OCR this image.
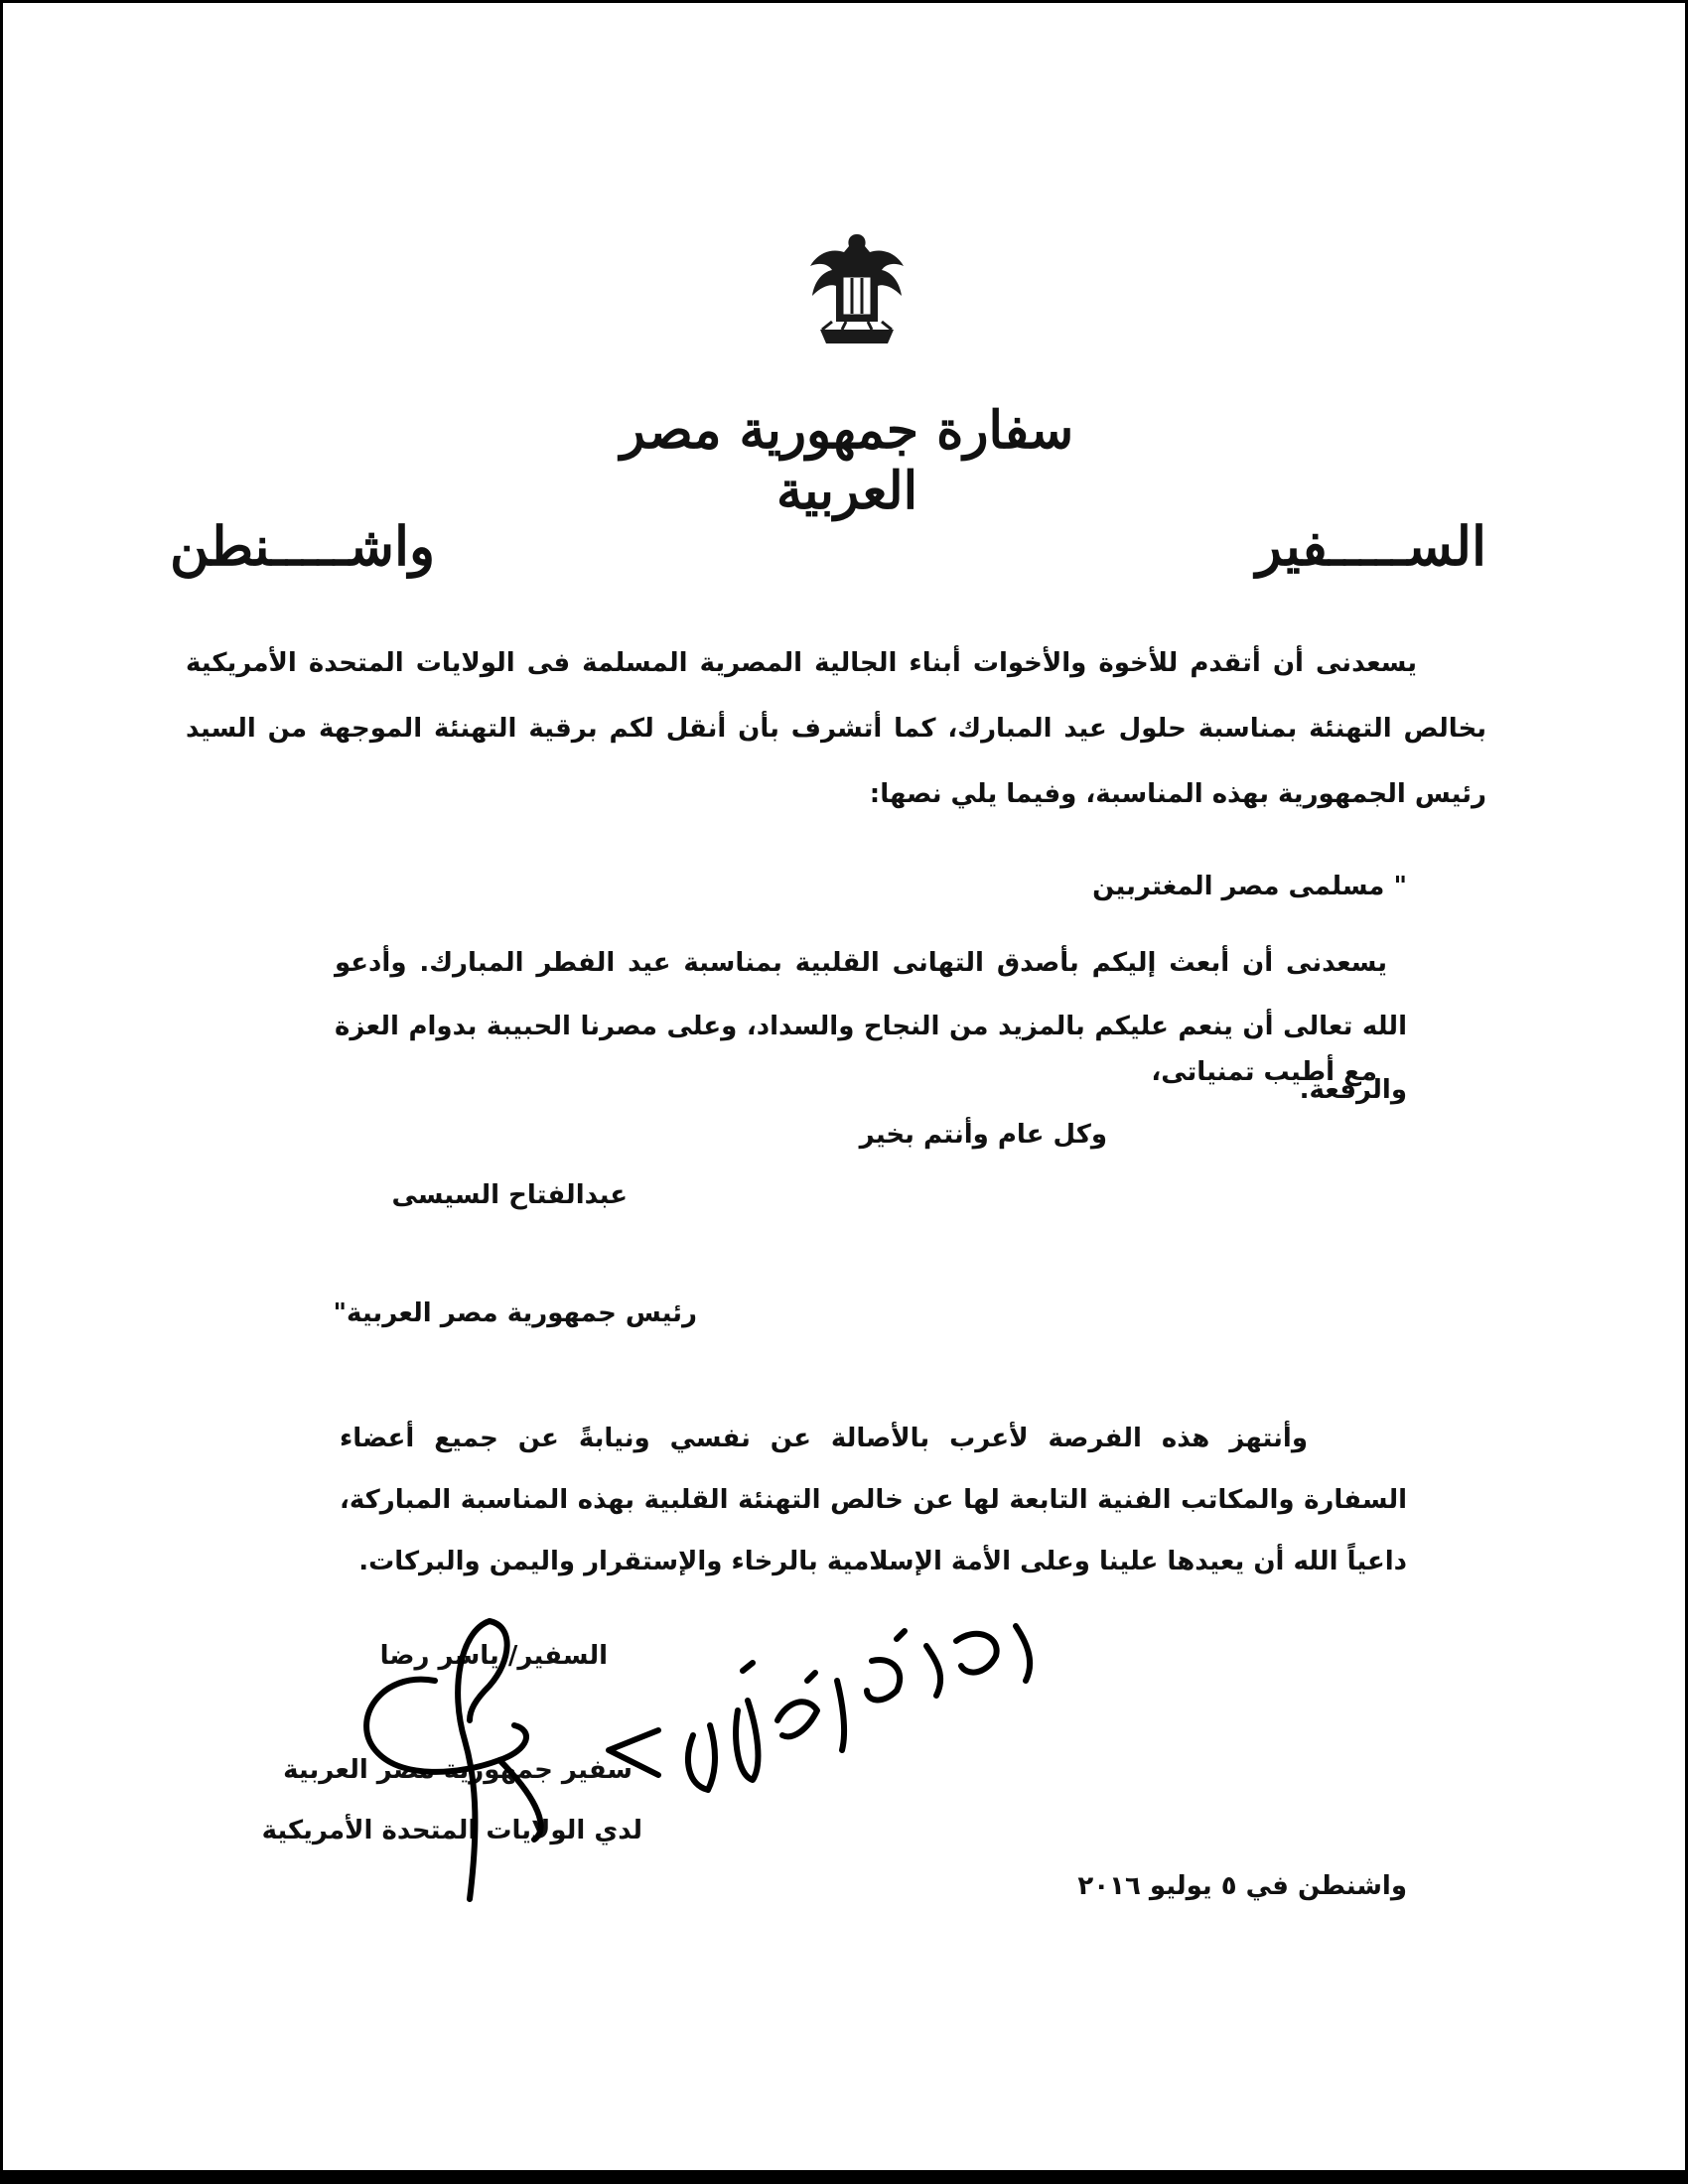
سفارة جمهورية مصر العربية
الســـــفير
واشـــــنطن
يسعدنى أن أتقدم للأخوة والأخوات أبناء الجالية المصرية المسلمة فى الولايات المتحدة الأمريكية بخالص التهنئة بمناسبة حلول عيد المبارك، كما أتشرف بأن أنقل لكم برقية التهنئة الموجهة من السيد رئيس الجمهورية بهذه المناسبة، وفيما يلي نصها:
" مسلمى مصر المغتربين
يسعدنى أن أبعث إليكم بأصدق التهانى القلبية بمناسبة عيد الفطر المبارك. وأدعو الله تعالى أن ينعم عليكم بالمزيد من النجاح والسداد، وعلى مصرنا الحبيبة بدوام العزة والرفعة.
مع أطيب تمنياتى،
وكل عام وأنتم بخير
عبدالفتاح السيسى
رئيس جمهورية مصر العربية"
وأنتهز هذه الفرصة لأعرب بالأصالة عن نفسي ونيابةً عن جميع أعضاء السفارة والمكاتب الفنية التابعة لها عن خالص التهنئة القلبية بهذه المناسبة المباركة، داعياً الله أن يعيدها علينا وعلى الأمة الإسلامية بالرخاء والإستقرار واليمن والبركات.
السفير/ ياسر رضا
سفير جمهورية مصر العربية
لدي الولايات المتحدة الأمريكية
واشنطن في ٥ يوليو ٢٠١٦
